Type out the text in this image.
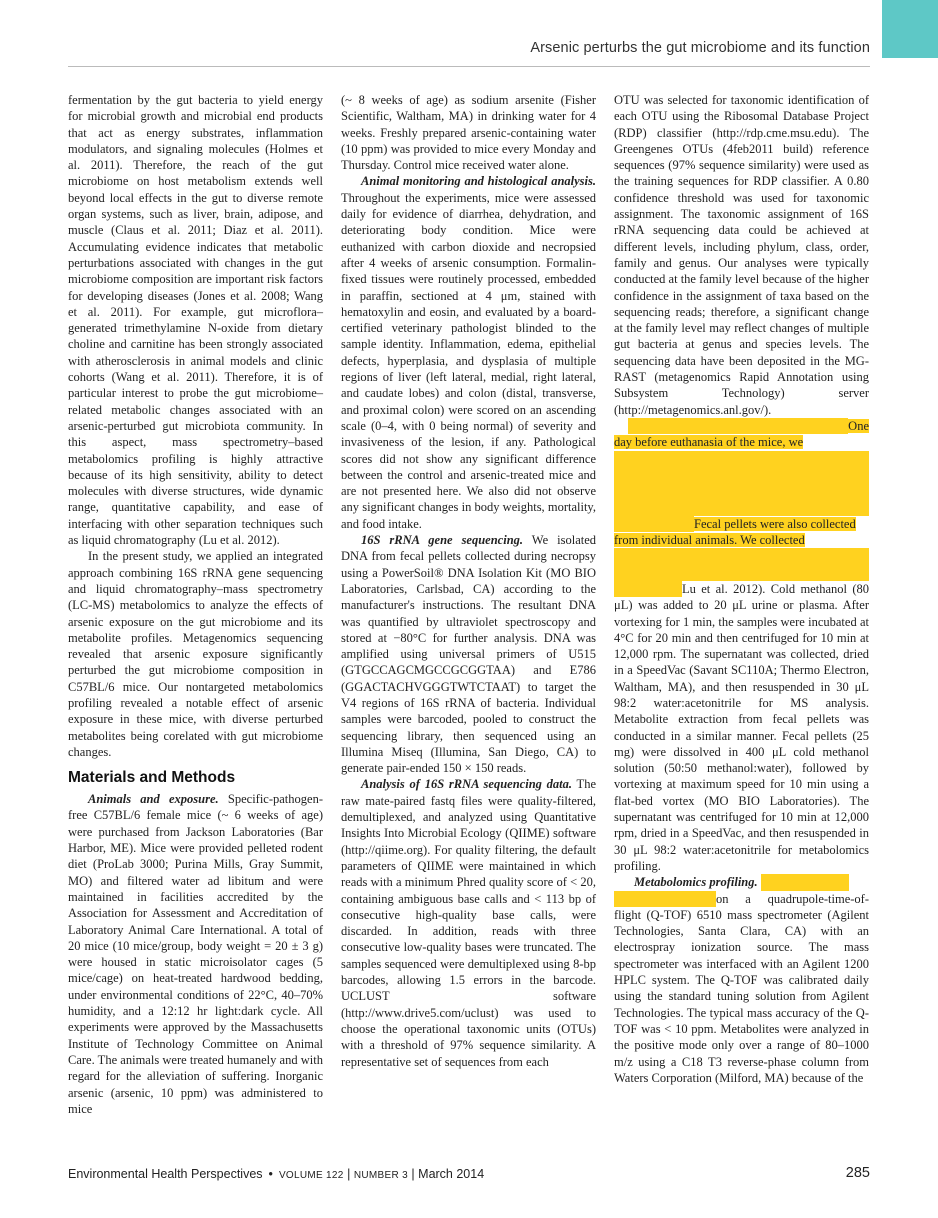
Arsenic perturbs the gut microbiome and its function

fermentation by the gut bacteria to yield energy for microbial growth and microbial end products that act as energy substrates, inflammation modulators, and signaling molecules (Holmes et al. 2011). Therefore, the reach of the gut microbiome on host metabolism extends well beyond local effects in the gut to diverse remote organ systems, such as liver, brain, adipose, and muscle (Claus et al. 2011; Diaz et al. 2011). Accumulating evidence indicates that metabolic perturbations associated with changes in the gut microbiome composition are important risk factors for developing diseases (Jones et al. 2008; Wang et al. 2011). For example, gut microflora–generated trimethylamine N-oxide from dietary choline and carnitine has been strongly associated with atherosclerosis in animal models and clinic cohorts (Wang et al. 2011). Therefore, it is of particular interest to probe the gut microbiome–related metabolic changes associated with an arsenic-perturbed gut microbiota community. In this aspect, mass spectrometry–based metabolomics profiling is highly attractive because of its high sensitivity, ability to detect molecules with diverse structures, wide dynamic range, quantitative capability, and ease of interfacing with other separation techniques such as liquid chromatography (Lu et al. 2012).

In the present study, we applied an integrated approach combining 16S rRNA gene sequencing and liquid chromatography–mass spectrometry (LC-MS) metabolomics to analyze the effects of arsenic exposure on the gut microbiome and its metabolite profiles. Metagenomics sequencing revealed that arsenic exposure significantly perturbed the gut microbiome composition in C57BL/6 mice. Our nontargeted metabolomics profiling revealed a notable effect of arsenic exposure in these mice, with diverse perturbed metabolites being corelated with gut microbiome changes.

Materials and Methods

Animals and exposure. Specific-pathogen-free C57BL/6 female mice (~ 6 weeks of age) were purchased from Jackson Laboratories (Bar Harbor, ME). Mice were provided pelleted rodent diet (ProLab 3000; Purina Mills, Gray Summit, MO) and filtered water ad libitum and were maintained in facilities accredited by the Association for Assessment and Accreditation of Laboratory Animal Care International. A total of 20 mice (10 mice/group, body weight = 20 ± 3 g) were housed in static microisolator cages (5 mice/cage) on heat-treated hardwood bedding, under environmental conditions of 22°C, 40–70% humidity, and a 12:12 hr light:dark cycle. All experiments were approved by the Massachusetts Institute of Technology Committee on Animal Care. The animals were treated humanely and with regard for the alleviation of suffering. Inorganic arsenic (arsenic, 10 ppm) was administered to mice

(~ 8 weeks of age) as sodium arsenite (Fisher Scientific, Waltham, MA) in drinking water for 4 weeks. Freshly prepared arsenic-containing water (10 ppm) was provided to mice every Monday and Thursday. Control mice received water alone.

Animal monitoring and histological analysis. Throughout the experiments, mice were assessed daily for evidence of diarrhea, dehydration, and deteriorating body condition. Mice were euthanized with carbon dioxide and necropsied after 4 weeks of arsenic consumption. Formalin-fixed tissues were routinely processed, embedded in paraffin, sectioned at 4 μm, stained with hematoxylin and eosin, and evaluated by a board-certified veterinary pathologist blinded to the sample identity. Inflammation, edema, epithelial defects, hyperplasia, and dysplasia of multiple regions of liver (left lateral, medial, right lateral, and caudate lobes) and colon (distal, transverse, and proximal colon) were scored on an ascending scale (0–4, with 0 being normal) of severity and invasiveness of the lesion, if any. Pathological scores did not show any significant difference between the control and arsenic-treated mice and are not presented here. We also did not observe any significant changes in body weights, mortality, and food intake.

16S rRNA gene sequencing. We isolated DNA from fecal pellets collected during necropsy using a PowerSoil® DNA Isolation Kit (MO BIO Laboratories, Carlsbad, CA) according to the manufacturer's instructions. The resultant DNA was quantified by ultraviolet spectroscopy and stored at −80°C for further analysis. DNA was amplified using universal primers of U515 (GTGCCAGCMGCCGCGGTAA) and E786 (GGACTACHVGGGTWTCTAAT) to target the V4 regions of 16S rRNA of bacteria. Individual samples were barcoded, pooled to construct the sequencing library, then sequenced using an Illumina Miseq (Illumina, San Diego, CA) to generate pair-ended 150 × 150 reads.

Analysis of 16S rRNA sequencing data. The raw mate-paired fastq files were quality-filtered, demultiplexed, and analyzed using Quantitative Insights Into Microbial Ecology (QIIME) software (http://qiime.org). For quality filtering, the default parameters of QIIME were maintained in which reads with a minimum Phred quality score of < 20, containing ambiguous base calls and < 113 bp of consecutive high-quality base calls, were discarded. In addition, reads with three consecutive low-quality bases were truncated. The samples sequenced were demultiplexed using 8-bp barcodes, allowing 1.5 errors in the barcode. UCLUST software (http://www.drive5.com/uclust) was used to choose the operational taxonomic units (OTUs) with a threshold of 97% sequence similarity. A representative set of sequences from each

OTU was selected for taxonomic identification of each OTU using the Ribosomal Database Project (RDP) classifier (http://rdp.cme.msu.edu). The Greengenes OTUs (4feb2011 build) reference sequences (97% sequence similarity) were used as the training sequences for RDP classifier. A 0.80 confidence threshold was used for taxonomic assignment. The taxonomic assignment of 16S rRNA sequencing data could be achieved at different levels, including phylum, class, order, family and genus. Our analyses were typically conducted at the family level because of the higher confidence in the assignment of taxa based on the sequencing reads; therefore, a significant change at the family level may reflect changes of multiple gut bacteria at genus and species levels. The sequencing data have been deposited in the MG-RAST (metagenomics Rapid Annotation using Subsystem Technology) server (http://metagenomics.anl.gov/).

One
day before euthanasia of the mice, we
Fecal pellets were also collected
from individual animals. We collected

Lu et al. 2012). Cold methanol (80 μL) was added to 20 μL urine or plasma. After vortexing for 1 min, the samples were incubated at 4°C for 20 min and then centrifuged for 10 min at 12,000 rpm. The supernatant was collected, dried in a SpeedVac (Savant SC110A; Thermo Electron, Waltham, MA), and then resuspended in 30 μL 98:2 water:acetonitrile for MS analysis. Metabolite extraction from fecal pellets was conducted in a similar manner. Fecal pellets (25 mg) were dissolved in 400 μL cold methanol solution (50:50 methanol:water), followed by vortexing at maximum speed for 10 min using a flat-bed vortex (MO BIO Laboratories). The supernatant was centrifuged for 10 min at 12,000 rpm, dried in a SpeedVac, and then resuspended in 30 μL 98:2 water:acetonitrile for metabolomics profiling.

Metabolomics profiling.

on a quadrupole-time-of- flight (Q-TOF) 6510 mass spectrometer (Agilent Technologies, Santa Clara, CA) with an electrospray ionization source. The mass spectrometer was interfaced with an Agilent 1200 HPLC system. The Q-TOF was calibrated daily using the standard tuning solution from Agilent Technologies. The typical mass accuracy of the Q-TOF was < 10 ppm. Metabolites were analyzed in the positive mode only over a range of 80–1000 m/z using a C18 T3 reverse-phase column from Waters Corporation (Milford, MA) because of the

Environmental Health Perspectives • VOLUME 122 | NUMBER 3 | March 2014	285
